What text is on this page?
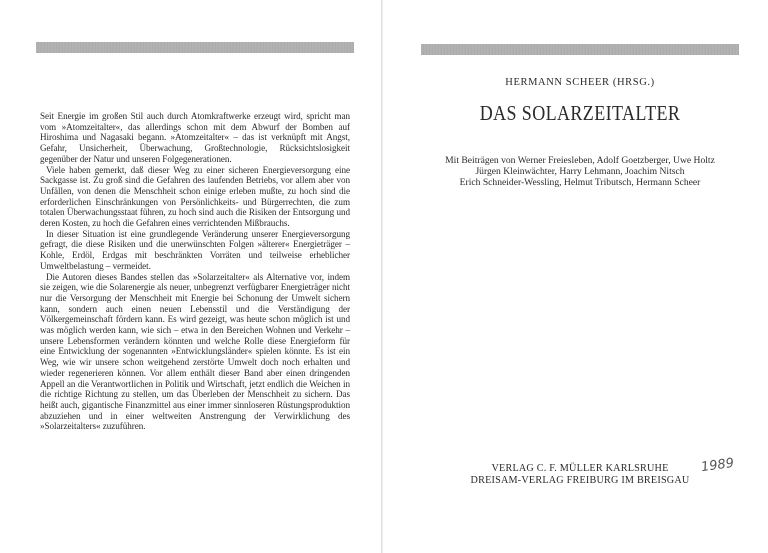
Seit Energie im großen Stil auch durch Atomkraftwerke erzeugt wird, spricht man vom »Atomzeitalter«, das allerdings schon mit dem Abwurf der Bomben auf Hiroshima und Nagasaki begann. »Atomzeitalter« – das ist verknüpft mit Angst, Gefahr, Unsicherheit, Überwachung, Großtechnologie, Rücksichtslosigkeit gegenüber der Natur und unseren Folgegenerationen.

Viele haben gemerkt, daß dieser Weg zu einer sicheren Energieversorgung eine Sackgasse ist. Zu groß sind die Gefahren des laufenden Betriebs, vor allem aber von Unfällen, von denen die Menschheit schon einige erleben mußte, zu hoch sind die erforderlichen Einschränkungen von Persönlichkeits- und Bürgerrechten, die zum totalen Überwachungsstaat führen, zu hoch sind auch die Risiken der Entsorgung und deren Kosten, zu hoch die Gefahren eines verrichtenden Mißbrauchs.

In dieser Situation ist eine grundlegende Veränderung unserer Energieversorgung gefragt, die diese Risiken und die unerwünschten Folgen »älterer« Energieträger – Kohle, Erdöl, Erdgas mit beschränkten Vorräten und teilweise erheblicher Umweltbelastung – vermeidet.

Die Autoren dieses Bandes stellen das »Solarzeitalter« als Alternative vor, indem sie zeigen, wie die Solarenergie als neuer, unbegrenzt verfügbarer Energieträger nicht nur die Versorgung der Menschheit mit Energie bei Schonung der Umwelt sichern kann, sondern auch einen neuen Lebensstil und die Verständigung der Völkergemeinschaft fördern kann. Es wird gezeigt, was heute schon möglich ist und was möglich werden kann, wie sich – etwa in den Bereichen Wohnen und Verkehr – unsere Lebensformen verändern könnten und welche Rolle diese Energieform für eine Entwicklung der sogenannten »Entwicklungsländer« spielen könnte. Es ist ein Weg, wie wir unsere schon weitgehend zerstörte Umwelt doch noch erhalten und wieder regenerieren können. Vor allem enthält dieser Band aber einen dringenden Appell an die Verantwortlichen in Politik und Wirtschaft, jetzt endlich die Weichen in die richtige Richtung zu stellen, um das Überleben der Menschheit zu sichern. Das heißt auch, gigantische Finanzmittel aus einer immer sinnloseren Rüstungsproduktion abzuziehen und in einer weltweiten Anstrengung der Verwirklichung des »Solarzeitalters« zuzuführen.

HERMANN SCHEER (HRSG.)
DAS SOLARZEITALTER
Mit Beiträgen von Werner Freiesleben, Adolf Goetzberger, Uwe Holtz
Jürgen Kleinwächter, Harry Lehmann, Joachim Nitsch
Erich Schneider-Wessling, Helmut Tributsch, Hermann Scheer
VERLAG C. F. MÜLLER KARLSRUHE
DREISAM-VERLAG FREIBURG IM BREISGAU
1989
